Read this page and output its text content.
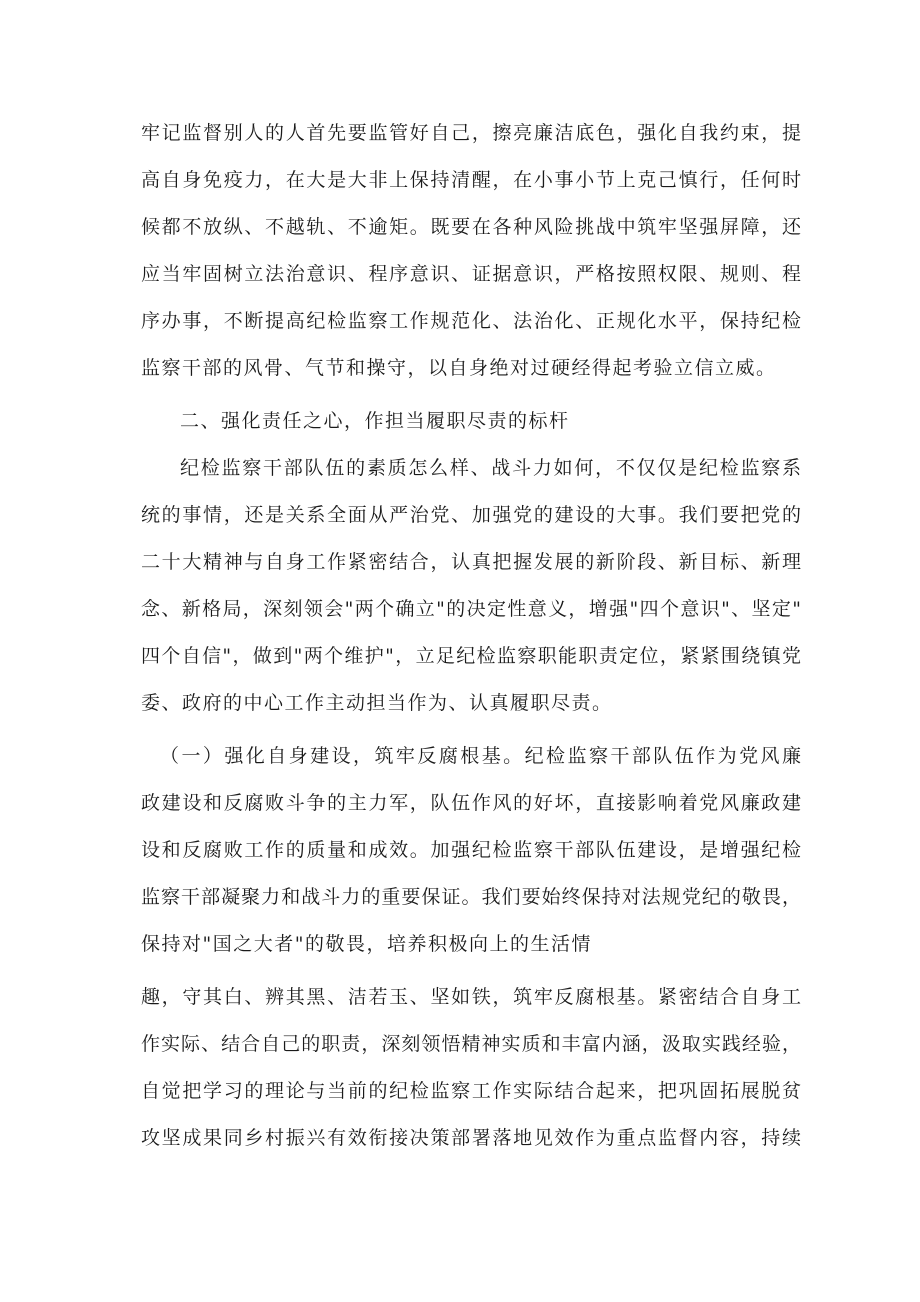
牢记监督别人的人首先要监管好自己，擦亮廉洁底色，强化自我约束，提
高自身免疫力，在大是大非上保持清醒，在小事小节上克己慎行，任何时
候都不放纵、不越轨、不逾矩。既要在各种风险挑战中筑牢坚强屏障，还
应当牢固树立法治意识、程序意识、证据意识，严格按照权限、规则、程
序办事，不断提高纪检监察工作规范化、法治化、正规化水平，保持纪检
监察干部的风骨、气节和操守，以自身绝对过硬经得起考验立信立威。
二、强化责任之心，作担当履职尽责的标杆
纪检监察干部队伍的素质怎么样、战斗力如何，不仅仅是纪检监察系
统的事情，还是关系全面从严治党、加强党的建设的大事。我们要把党的
二十大精神与自身工作紧密结合，认真把握发展的新阶段、新目标、新理
念、新格局，深刻领会"两个确立"的决定性意义，增强"四个意识"、坚定"
四个自信"，做到"两个维护"，立足纪检监察职能职责定位，紧紧围绕镇党
委、政府的中心工作主动担当作为、认真履职尽责。
（一）强化自身建设，筑牢反腐根基。纪检监察干部队伍作为党风廉
政建设和反腐败斗争的主力军，队伍作风的好坏，直接影响着党风廉政建
设和反腐败工作的质量和成效。加强纪检监察干部队伍建设，是增强纪检
监察干部凝聚力和战斗力的重要保证。我们要始终保持对法规党纪的敬畏，
保持对"国之大者"的敬畏，培养积极向上的生活情
趣，守其白、辨其黑、洁若玉、坚如铁，筑牢反腐根基。紧密结合自身工
作实际、结合自己的职责，深刻领悟精神实质和丰富内涵，汲取实践经验，
自觉把学习的理论与当前的纪检监察工作实际结合起来，把巩固拓展脱贫
攻坚成果同乡村振兴有效衔接决策部署落地见效作为重点监督内容，持续
